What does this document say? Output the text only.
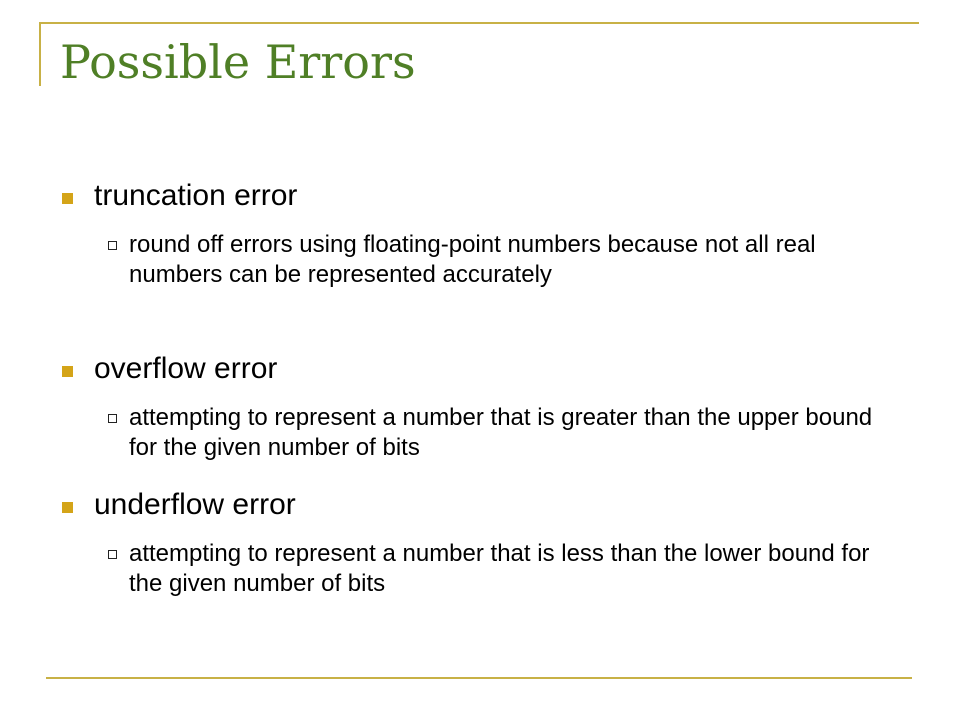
Possible Errors
truncation error
round off errors using floating-point numbers because not all real numbers can be represented accurately
overflow error
attempting to represent a number that is greater than the upper bound for the given number of bits
underflow error
attempting to represent a number that is less than the lower bound for the given number of bits
